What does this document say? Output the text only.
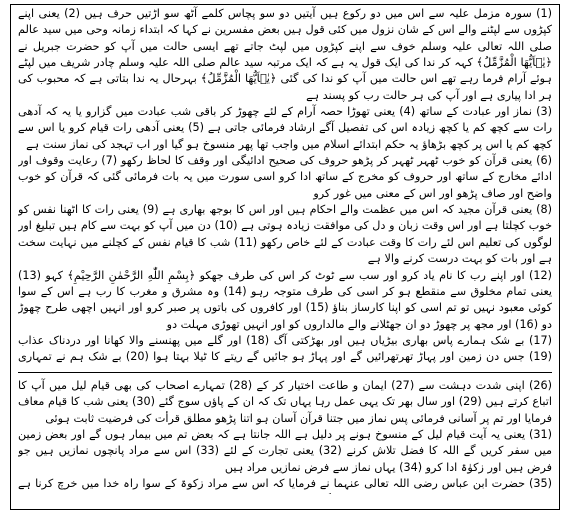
(1) سورہ مزمل علیہ سے اس میں دو رکوع ہیں آیتیں دو سو پچاس کلمے آٹھ سو اڑتیں حرف ہیں (2) یعنی اپنے کپڑوں سے لپٹنے والے اس کے شان نزول میں کئی قول ہیں بعض مفسرین نے کہا کہ ابتداء زمانہ وحی میں سید عالم صلی اللہ تعالی علیہ وسلم خوف سے اپنے کپڑوں میں لپٹ جاتے تھے ایسی حالت میں آپ کو حضرت جبریل نے ﴿یٰۤاَیُّهَا الْمُزَّمِّلُ﴾ کہہ کر ندا کی ایک قول یہ ہے کہ ایک مرتبہ سید عالم صلی اللہ علیہ وسلم چادر شریف میں لپٹے ہوئے آرام فرما رہے تھے اس حالت میں آپ کو ندا کی گئی ﴿یٰۤاَیُّهَا الْمُزَّمِّلُ﴾ بہرحال یہ ندا بتاتی ہے کہ محبوب کی ہر ادا پیاری ہے اور آپ کی ہر حالت رب کو پسند ہے

(3) نماز اور عبادت کے ساتھ (4) یعنی تھوڑا حصہ آرام کے لئے چھوڑ کر باقی شب عبادت میں گزارو یا یہ کہ آدھی رات سے کچھ کم یا کچھ زیادہ اس کی تفصیل آگے ارشاد فرمائی جاتی ہے (5) یعنی آدھی رات قیام کرو یا اس سے کچھ کم یا اس پر کچھ بڑھاؤ یہ حکم ابتدائے اسلام میں واجب تھا پھر منسوخ ہو گیا اور اب تہجد کی نماز سنت ہے

(6) یعنی قرآن کو خوب ٹھہر ٹھہر کر پڑھو حروف کی صحیح ادائیگی اور وقف کا لحاظ رکھو (7) رعایت وقوف اور ادائے مخارج کے ساتھ اور حروف کو مخرج کے ساتھ ادا کرو اسی سورت میں یہ بات فرمائی گئی کہ قرآن کو خوب واضح اور صاف پڑھو اور اس کے معنی میں غور کرو

(8) یعنی قرآن مجید کہ اس میں عظمت والے احکام ہیں اور اس کا بوجھ بھاری ہے (9) یعنی رات کا اٹھنا نفس کو خوب کچلتا ہے اور اس وقت زبان و دل کی موافقت زیادہ ہوتی ہے (10) دن میں آپ کو بہت سے کام ہیں تبلیغ اور لوگوں کی تعلیم اس لئے رات کا وقت عبادت کے لئے خاص رکھو (11) شب کا قیام نفس کے کچلنے میں نہایت سخت ہے اور بات کو بہت درست کرنے والا ہے

(12) اور اپنے رب کا نام یاد کرو اور سب سے ٹوٹ کر اس کی طرف جھکو ﴿بِسْمِ اللّٰهِ الرَّحْمٰنِ الرَّحِیْمِ﴾ کہو (13) یعنی تمام مخلوق سے منقطع ہو کر اسی کی طرف متوجہ رہو (14) وہ مشرق و مغرب کا رب ہے اس کے سوا کوئی معبود نہیں تو تم اسی کو اپنا کارساز بناؤ (15) اور کافروں کی باتوں پر صبر کرو اور انہیں اچھی طرح چھوڑ دو (16) اور مجھ پر چھوڑ دو ان جھٹلانے والے مالداروں کو اور انہیں تھوڑی مہلت دو

(17) بے شک ہمارے پاس بھاری بیڑیاں ہیں اور بھڑکتی آگ (18) اور گلے میں پھنسنے والا کھانا اور دردناک عذاب (19) جس دن زمین اور پہاڑ تھرتھرائیں گے اور پہاڑ ہو جائیں گے ریتے کا ٹیلا بہتا ہوا (20) بے شک ہم نے تمہاری

(26) اپنی شدت دہشت سے (27) ایمان و طاعت اختیار کر کے (28) تمہارے اصحاب کی بھی قیام لیل میں آپ کا اتباع کرتے ہیں (29) اور سال بھر تک یہی عمل رہا یہاں تک کہ ان کے پاؤں سوج گئے (30) یعنی شب کا قیام معاف فرمایا اور تم پر آسانی فرمائی پس نماز میں جتنا قرآن آسان ہو اتنا پڑھو مطلق قرأت کی فرضیت ثابت ہوئی

(31) یعنی یہ آیت قیام لیل کے منسوخ ہونے پر دلیل ہے اللہ جانتا ہے کہ بعض تم میں بیمار ہوں گے اور بعض زمین میں سفر کریں گے اللہ کا فضل تلاش کرنے (32) یعنی تجارت کے لئے (33) اس سے مراد پانچوں نمازیں ہیں جو فرض ہیں اور زکوٰۃ ادا کرو (34) یہاں نماز سے فرض نمازیں مراد ہیں

(35) حضرت ابن عباس رضی اللہ تعالی عنہما نے فرمایا کہ اس سے مراد زکوۃ کے سوا راہ خدا میں خرچ کرنا ہے
